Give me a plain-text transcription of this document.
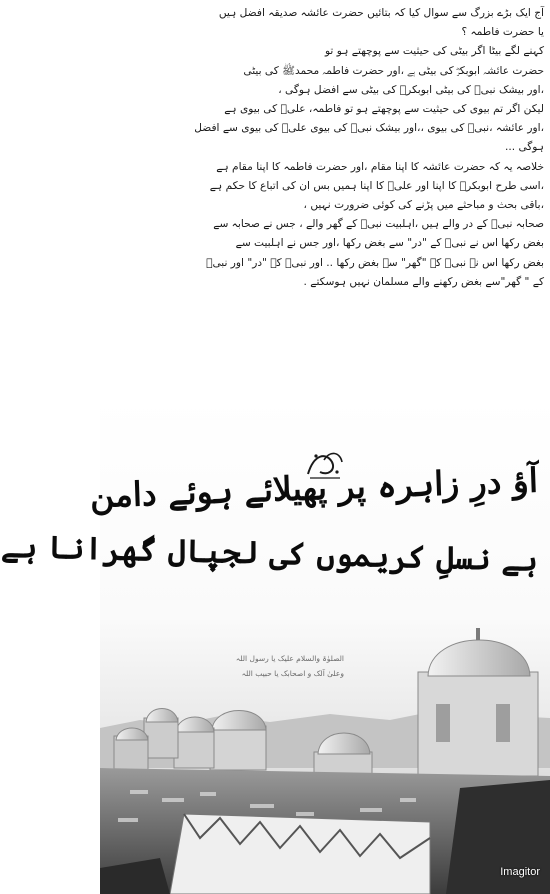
آج ایک بڑے بزرگ سے سوال کیا کہ بتائیں حضرت عائشہ صدیقہ افضل ہیں

یا حضرت فاطمہ ؟

کہنے لگے بیٹا اگر بیٹی کی حیثیت سے پوچھتے ہو تو

حضرت عائشہ ابوبکرؓ کی بیٹی ہے ،اور حضرت فاطمہ محمدﷺ کی بیٹی

،اور بیشک نبیؐ کی بیٹی ابوبکرؓ کی بیٹی سے افضل ہوگی ،

لیکن اگر تم بیوی کی حیثیت سے پوچھتے ہو تو فاطمہ، علیؑ کی بیوی ہے

،اور عائشہ ،نبیؐ کی بیوی ،،اور بیشک نبیؐ کی بیوی علیؑ کی بیوی سے افضل

ہوگی ...

خلاصہ یہ کہ حضرت عائشہ کا اپنا مقام ،اور حضرت فاطمہ کا اپنا مقام ہے

،اسی طرح ابوبکرؓ کا اپنا اور علیؑ کا اپنا ہمیں بس ان کی اتباع کا حکم ہے

،باقی بحث و مباحثے میں پڑنے کی کوئی ضرورت نہیں ،

صحابہ نبیؐ کے در والے ہیں ،اہلبیت نبیؐ کے گھر والے ، جس نے صحابہ سے

بغض رکھا اس نے نبیؐ کے "در" سے بغض رکھا ،اور جس نے اہلبیت سے

بغض رکھا اس نے نبیؐ کے "گھر" سے بغض رکھا .. اور نبیؐ کے "در" اور نبیؐ

کے " گھر"سے بغض رکھنے والے مسلمان نہیں ہوسکتے .

آؤ درِ زاہرہ پر پھیلائے ہوئے دامن
ہے نسلِ کریموں کی لجپال گھرانا ہے
الصلوٰۃ والسلام علیک یا رسول اللہ
وعلیٰ آلک و اصحابک یا حبیب اللہ
Imagitor
